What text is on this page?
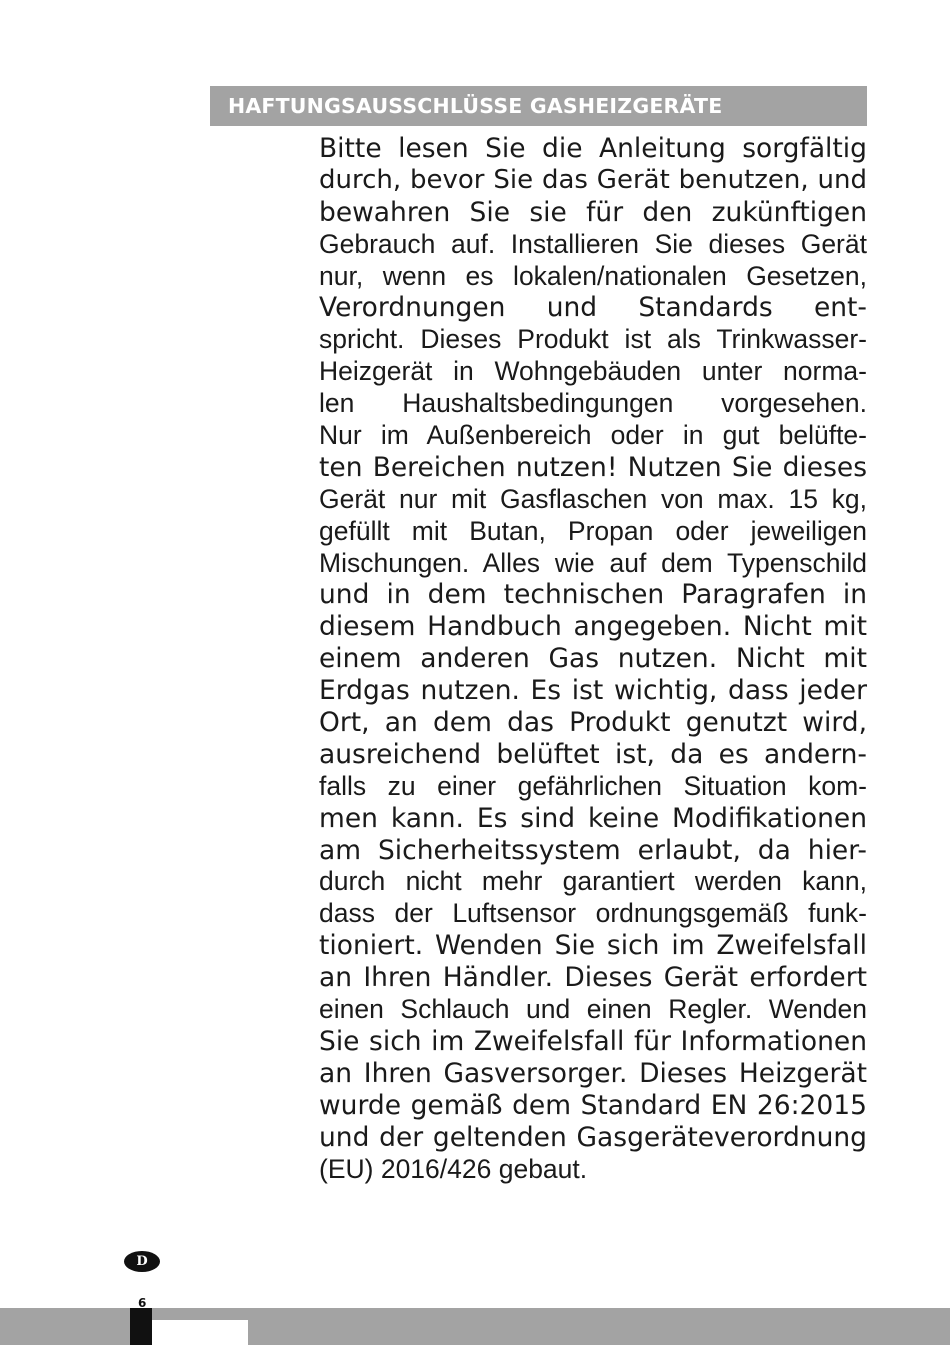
HAFTUNGSAUSSCHLÜSSE GASHEIZGERÄTE
Bitte lesen Sie die Anleitung sorgfältig
durch, bevor Sie das Gerät benutzen, und
bewahren Sie sie für den zukünftigen
Gebrauch auf. Installieren Sie dieses Gerät
nur, wenn es lokalen/nationalen Gesetzen,
Verordnungen und Standards ent-
spricht. Dieses Produkt ist als Trinkwasser-
Heizgerät in Wohngebäuden unter norma-
len Haushaltsbedingungen vorgesehen.
Nur im Außenbereich oder in gut belüfte-
ten Bereichen nutzen! Nutzen Sie dieses
Gerät nur mit Gasflaschen von max. 15 kg,
gefüllt mit Butan, Propan oder jeweiligen
Mischungen. Alles wie auf dem Typenschild
und in dem technischen Paragrafen in
diesem Handbuch angegeben. Nicht mit
einem anderen Gas nutzen. Nicht mit
Erdgas nutzen. Es ist wichtig, dass jeder
Ort, an dem das Produkt genutzt wird,
ausreichend belüftet ist, da es andern-
falls zu einer gefährlichen Situation kom-
men kann. Es sind keine Modifikationen
am Sicherheitssystem erlaubt, da hier-
durch nicht mehr garantiert werden kann,
dass der Luftsensor ordnungsgemäß funk-
tioniert. Wenden Sie sich im Zweifelsfall
an Ihren Händler. Dieses Gerät erfordert
einen Schlauch und einen Regler. Wenden
Sie sich im Zweifelsfall für Informationen
an Ihren Gasversorger. Dieses Heizgerät
wurde gemäß dem Standard EN 26:2015
und der geltenden Gasgeräteverordnung
(EU) 2016/426 gebaut.
D
6
